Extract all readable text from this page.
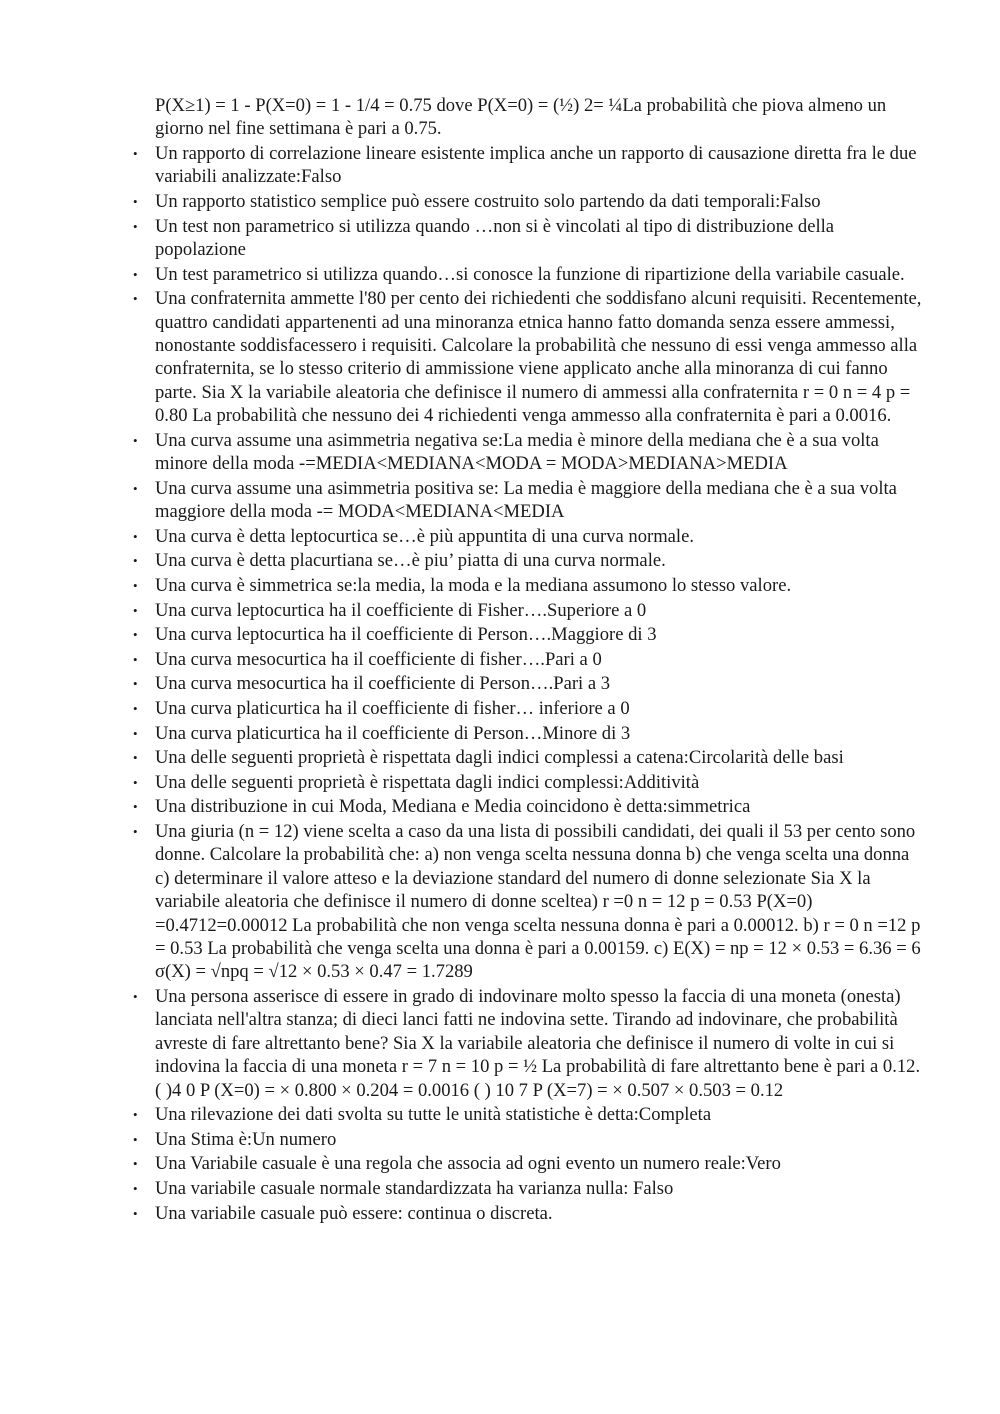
P(X≥1) = 1 - P(X=0) = 1 - 1/4 = 0.75 dove P(X=0) = (½) 2= ¼La probabilità che piova almeno un giorno nel fine settimana è pari a 0.75.

• Un rapporto di correlazione lineare esistente implica anche un rapporto di causazione diretta fra le due variabili analizzate:Falso
• Un rapporto statistico semplice può essere costruito solo partendo da dati temporali:Falso
• Un test non parametrico si utilizza quando …non si è vincolati al tipo di distribuzione della popolazione
• Un test parametrico si utilizza quando…si conosce la funzione di ripartizione della variabile casuale.
• Una confraternita ammette l'80 per cento dei richiedenti che soddisfano alcuni requisiti. Recentemente, quattro candidati appartenenti ad una minoranza etnica hanno fatto domanda senza essere ammessi, nonostante soddisfacessero i requisiti. Calcolare la probabilità che nessuno di essi venga ammesso alla confraternita, se lo stesso criterio di ammissione viene applicato anche alla minoranza di cui fanno parte. Sia X la variabile aleatoria che definisce il numero di ammessi alla confraternita r = 0 n = 4 p = 0.80 La probabilità che nessuno dei 4 richiedenti venga ammesso alla confraternita è pari a 0.0016.
• Una curva assume una asimmetria negativa se:La media è minore della mediana che è a sua volta minore della moda -=MEDIA<MEDIANA<MODA = MODA>MEDIANA>MEDIA
• Una curva assume una asimmetria positiva se: La media è maggiore della mediana che è a sua volta maggiore della moda -= MODA<MEDIANA<MEDIA
• Una curva è detta leptocurtica se…è più appuntita di una curva normale.
• Una curva è detta placurtiana se…è piu’ piatta di una curva normale.
• Una curva è simmetrica se:la media, la moda e la mediana assumono lo stesso valore.
• Una curva leptocurtica ha il coefficiente di Fisher….Superiore a 0
• Una curva leptocurtica ha il coefficiente di Person….Maggiore di 3
• Una curva mesocurtica ha il coefficiente di fisher….Pari a 0
• Una curva mesocurtica ha il coefficiente di Person….Pari a 3
• Una curva platicurtica ha il coefficiente di fisher… inferiore a 0
• Una curva platicurtica ha il coefficiente di Person…Minore di 3
• Una delle seguenti proprietà è rispettata dagli indici complessi a catena:Circolarità delle basi
• Una delle seguenti proprietà è rispettata dagli indici complessi:Additività
• Una distribuzione in cui Moda, Mediana e Media coincidono è detta:simmetrica
• Una giuria (n = 12) viene scelta a caso da una lista di possibili candidati, dei quali il 53 per cento sono donne. Calcolare la probabilità che: a) non venga scelta nessuna donna b) che venga scelta una donna c) determinare il valore atteso e la deviazione standard del numero di donne selezionate Sia X la variabile aleatoria che definisce il numero di donne sceltea) r =0 n = 12 p = 0.53 P(X=0) =0.4712=0.00012 La probabilità che non venga scelta nessuna donna è pari a 0.00012. b) r = 0 n =12 p = 0.53 La probabilità che venga scelta una donna è pari a 0.00159. c) E(X) = np = 12 × 0.53 = 6.36 = 6 σ(X) = √npq = √12 × 0.53 × 0.47 = 1.7289
• Una persona asserisce di essere in grado di indovinare molto spesso la faccia di una moneta (onesta) lanciata nell'altra stanza; di dieci lanci fatti ne indovina sette. Tirando ad indovinare, che probabilità avreste di fare altrettanto bene? Sia X la variabile aleatoria che definisce il numero di volte in cui si indovina la faccia di una moneta r = 7 n = 10 p = ½ La probabilità di fare altrettanto bene è pari a 0.12.( )4 0 P (X=0) = × 0.800 × 0.204 = 0.0016 ( ) 10 7 P (X=7) = × 0.507 × 0.503 = 0.12
• Una rilevazione dei dati svolta su tutte le unità statistiche è detta:Completa
• Una Stima è:Un numero
• Una Variabile casuale è una regola che associa ad ogni evento un numero reale:Vero
• Una variabile casuale normale standardizzata ha varianza nulla: Falso
• Una variabile casuale può essere: continua o discreta.
